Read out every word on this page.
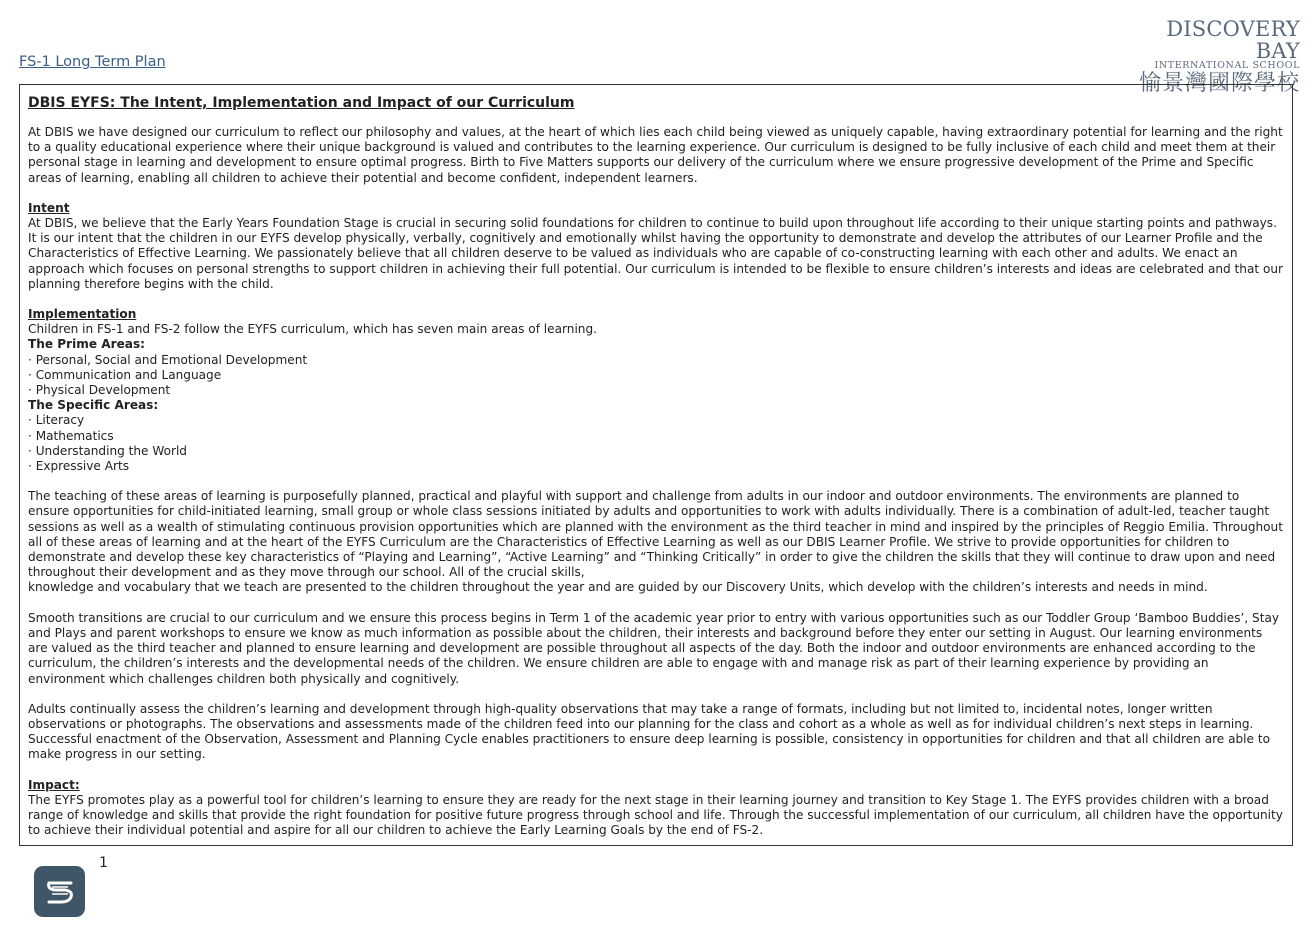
FS-1 Long Term Plan
DISCOVERY BAY
INTERNATIONAL SCHOOL
愉景灣國際學校
DBIS EYFS: The Intent, Implementation and Impact of our Curriculum

At DBIS we have designed our curriculum to reflect our philosophy and values, at the heart of which lies each child being viewed as uniquely capable, having extraordinary potential for learning and the right to a quality educational experience where their unique background is valued and contributes to the learning experience. Our curriculum is designed to be fully inclusive of each child and meet them at their personal stage in learning and development to ensure optimal progress. Birth to Five Matters supports our delivery of the curriculum where we ensure progressive development of the Prime and Specific areas of learning, enabling all children to achieve their potential and become confident, independent learners.

Intent

At DBIS, we believe that the Early Years Foundation Stage is crucial in securing solid foundations for children to continue to build upon throughout life according to their unique starting points and pathways. It is our intent that the children in our EYFS develop physically, verbally, cognitively and emotionally whilst having the opportunity to demonstrate and develop the attributes of our Learner Profile and the Characteristics of Effective Learning. We passionately believe that all children deserve to be valued as individuals who are capable of co-constructing learning with each other and adults. We enact an approach which focuses on personal strengths to support children in achieving their full potential. Our curriculum is intended to be flexible to ensure children’s interests and ideas are celebrated and that our planning therefore begins with the child.

Implementation

Children in FS-1 and FS-2 follow the EYFS curriculum, which has seven main areas of learning.

The Prime Areas:
· Personal, Social and Emotional Development
· Communication and Language
· Physical Development
The Specific Areas:
· Literacy
· Mathematics
· Understanding the World
· Expressive Arts

The teaching of these areas of learning is purposefully planned, practical and playful with support and challenge from adults in our indoor and outdoor environments. The environments are planned to ensure opportunities for child-initiated learning, small group or whole class sessions initiated by adults and opportunities to work with adults individually. There is a combination of adult-led, teacher taught sessions as well as a wealth of stimulating continuous provision opportunities which are planned with the environment as the third teacher in mind and inspired by the principles of Reggio Emilia. Throughout all of these areas of learning and at the heart of the EYFS Curriculum are the Characteristics of Effective Learning as well as our DBIS Learner Profile. We strive to provide opportunities for children to demonstrate and develop these key characteristics of “Playing and Learning”, “Active Learning” and “Thinking Critically” in order to give the children the skills that they will continue to draw upon and need throughout their development and as they move through our school. All of the crucial skills,

knowledge and vocabulary that we teach are presented to the children throughout the year and are guided by our Discovery Units, which develop with the children’s interests and needs in mind.

Smooth transitions are crucial to our curriculum and we ensure this process begins in Term 1 of the academic year prior to entry with various opportunities such as our Toddler Group ‘Bamboo Buddies’, Stay and Plays and parent workshops to ensure we know as much information as possible about the children, their interests and background before they enter our setting in August. Our learning environments are valued as the third teacher and planned to ensure learning and development are possible throughout all aspects of the day. Both the indoor and outdoor environments are enhanced according to the curriculum, the children’s interests and the developmental needs of the children. We ensure children are able to engage with and manage risk as part of their learning experience by providing an environment which challenges children both physically and cognitively.

Adults continually assess the children’s learning and development through high-quality observations that may take a range of formats, including but not limited to, incidental notes, longer written observations or photographs. The observations and assessments made of the children feed into our planning for the class and cohort as a whole as well as for individual children’s next steps in learning. Successful enactment of the Observation, Assessment and Planning Cycle enables practitioners to ensure deep learning is possible, consistency in opportunities for children and that all children are able to make progress in our setting.

Impact:

The EYFS promotes play as a powerful tool for children’s learning to ensure they are ready for the next stage in their learning journey and transition to Key Stage 1. The EYFS provides children with a broad range of knowledge and skills that provide the right foundation for positive future progress through school and life. Through the successful implementation of our curriculum, all children have the opportunity to achieve their individual potential and aspire for all our children to achieve the Early Learning Goals by the end of FS-2.

1
